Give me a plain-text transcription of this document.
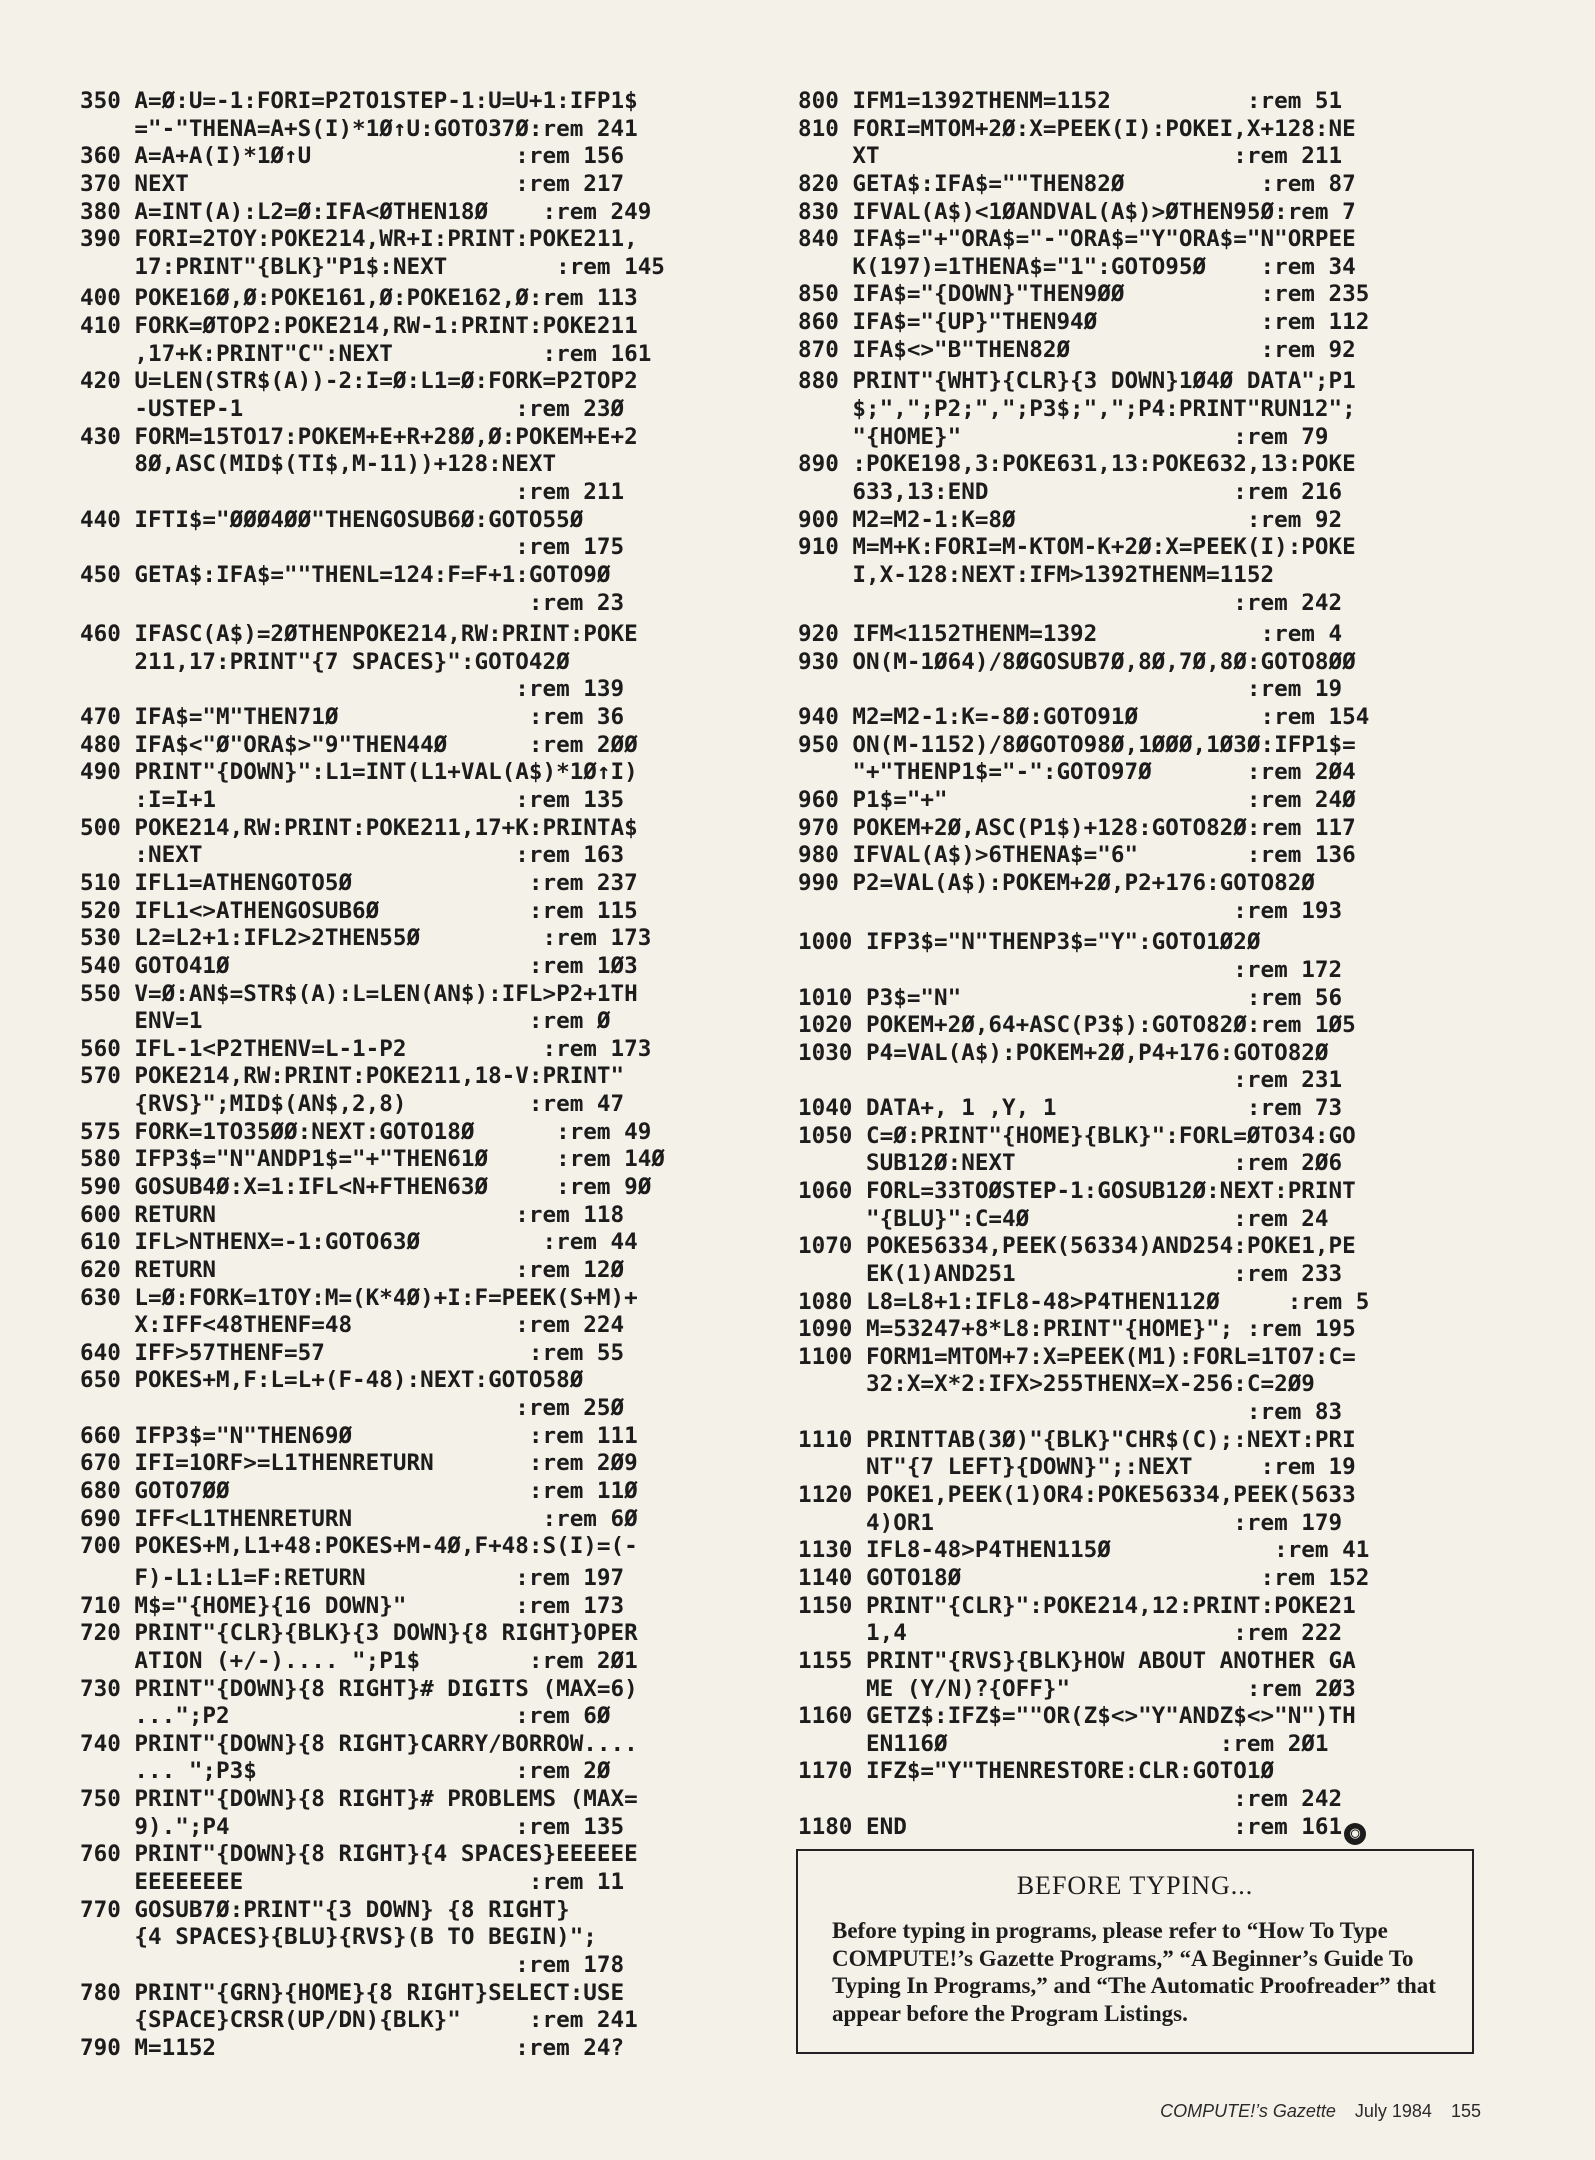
350 A=Ø:U=-1:FORI=P2TO1STEP-1:U=U+1:IFP1$
="-"THENA=A+S(I)*1Ø↑U:GOTO37Ø:rem 241
360 A=A+A(I)*1Ø↑U               :rem 156
370 NEXT                        :rem 217
380 A=INT(A):L2=Ø:IFA<ØTHEN18Ø    :rem 249
390 FORI=2TOY:POKE214,WR+I:PRINT:POKE211,
17:PRINT"{BLK}"P1$:NEXT        :rem 145
400 POKE16Ø,Ø:POKE161,Ø:POKE162,Ø:rem 113
410 FORK=ØTOP2:POKE214,RW-1:PRINT:POKE211
,17+K:PRINT"C":NEXT           :rem 161
420 U=LEN(STR$(A))-2:I=Ø:L1=Ø:FORK=P2TOP2
-USTEP-1                    :rem 23Ø
430 FORM=15TO17:POKEM+E+R+28Ø,Ø:POKEM+E+2
8Ø,ASC(MID$(TI$,M-11))+128:NEXT
:rem 211
440 IFTI$="ØØØ4ØØ"THENGOSUB6Ø:GOTO55Ø
:rem 175
450 GETA$:IFA$=""THENL=124:F=F+1:GOTO9Ø
:rem 23
460 IFASC(A$)=2ØTHENPOKE214,RW:PRINT:POKE
211,17:PRINT"{7 SPACES}":GOTO42Ø
:rem 139
470 IFA$="M"THEN71Ø              :rem 36
480 IFA$<"Ø"ORA$>"9"THEN44Ø      :rem 2ØØ
490 PRINT"{DOWN}":L1=INT(L1+VAL(A$)*1Ø↑I)
:I=I+1                      :rem 135
500 POKE214,RW:PRINT:POKE211,17+K:PRINTA$
:NEXT                       :rem 163
510 IFL1=ATHENGOTO5Ø             :rem 237
520 IFL1<>ATHENGOSUB6Ø           :rem 115
530 L2=L2+1:IFL2>2THEN55Ø         :rem 173
540 GOTO41Ø                      :rem 1Ø3
550 V=Ø:AN$=STR$(A):L=LEN(AN$):IFL>P2+1TH
ENV=1                        :rem Ø
560 IFL-1<P2THENV=L-1-P2          :rem 173
570 POKE214,RW:PRINT:POKE211,18-V:PRINT"
{RVS}";MID$(AN$,2,8)         :rem 47
575 FORK=1TO35ØØ:NEXT:GOTO18Ø      :rem 49
580 IFP3$="N"ANDP1$="+"THEN61Ø     :rem 14Ø
590 GOSUB4Ø:X=1:IFL<N+FTHEN63Ø     :rem 9Ø
600 RETURN                      :rem 118
610 IFL>NTHENX=-1:GOTO63Ø         :rem 44
620 RETURN                      :rem 12Ø
630 L=Ø:FORK=1TOY:M=(K*4Ø)+I:F=PEEK(S+M)+
X:IFF<48THENF=48            :rem 224
640 IFF>57THENF=57               :rem 55
650 POKES+M,F:L=L+(F-48):NEXT:GOTO58Ø
:rem 25Ø
660 IFP3$="N"THEN69Ø             :rem 111
670 IFI=1ORF>=L1THENRETURN       :rem 2Ø9
680 GOTO7ØØ                      :rem 11Ø
690 IFF<L1THENRETURN              :rem 6Ø
700 POKES+M,L1+48:POKES+M-4Ø,F+48:S(I)=(-
F)-L1:L1=F:RETURN           :rem 197
710 M$="{HOME}{16 DOWN}"        :rem 173
720 PRINT"{CLR}{BLK}{3 DOWN}{8 RIGHT}OPER
ATION (+/-).... ";P1$        :rem 2Ø1
730 PRINT"{DOWN}{8 RIGHT}# DIGITS (MAX=6)
...";P2                     :rem 6Ø
740 PRINT"{DOWN}{8 RIGHT}CARRY/BORROW....
... ";P3$                   :rem 2Ø
750 PRINT"{DOWN}{8 RIGHT}# PROBLEMS (MAX=
9).";P4                     :rem 135
760 PRINT"{DOWN}{8 RIGHT}{4 SPACES}EEEEEE
EEEEEEEE                     :rem 11
770 GOSUB7Ø:PRINT"{3 DOWN} {8 RIGHT}
{4 SPACES}{BLU}{RVS}(B TO BEGIN)";
:rem 178
780 PRINT"{GRN}{HOME}{8 RIGHT}SELECT:USE
{SPACE}CRSR(UP/DN){BLK}"     :rem 241
790 M=1152                      :rem 24?
800 IFM1=1392THENM=1152          :rem 51
810 FORI=MTOM+2Ø:X=PEEK(I):POKEI,X+128:NE
XT                          :rem 211
820 GETA$:IFA$=""THEN82Ø          :rem 87
830 IFVAL(A$)<1ØANDVAL(A$)>ØTHEN95Ø:rem 7
840 IFA$="+"ORA$="-"ORA$="Y"ORA$="N"ORPEE
K(197)=1THENA$="1":GOTO95Ø    :rem 34
850 IFA$="{DOWN}"THEN9ØØ          :rem 235
860 IFA$="{UP}"THEN94Ø            :rem 112
870 IFA$<>"B"THEN82Ø              :rem 92
880 PRINT"{WHT}{CLR}{3 DOWN}1Ø4Ø DATA";P1
$;",";P2;",";P3$;",";P4:PRINT"RUN12";
"{HOME}"                    :rem 79
890 :POKE198,3:POKE631,13:POKE632,13:POKE
633,13:END                  :rem 216
900 M2=M2-1:K=8Ø                 :rem 92
910 M=M+K:FORI=M-KTOM-K+2Ø:X=PEEK(I):POKE
I,X-128:NEXT:IFM>1392THENM=1152
:rem 242
920 IFM<1152THENM=1392            :rem 4
930 ON(M-1Ø64)/8ØGOSUB7Ø,8Ø,7Ø,8Ø:GOTO8ØØ
:rem 19
940 M2=M2-1:K=-8Ø:GOTO91Ø         :rem 154
950 ON(M-1152)/8ØGOTO98Ø,1ØØØ,1Ø3Ø:IFP1$=
"+"THENP1$="-":GOTO97Ø       :rem 2Ø4
960 P1$="+"                      :rem 24Ø
970 POKEM+2Ø,ASC(P1$)+128:GOTO82Ø:rem 117
980 IFVAL(A$)>6THENA$="6"        :rem 136
990 P2=VAL(A$):POKEM+2Ø,P2+176:GOTO82Ø
:rem 193
1000 IFP3$="N"THENP3$="Y":GOTO1Ø2Ø
:rem 172
1010 P3$="N"                     :rem 56
1020 POKEM+2Ø,64+ASC(P3$):GOTO82Ø:rem 1Ø5
1030 P4=VAL(A$):POKEM+2Ø,P4+176:GOTO82Ø
:rem 231
1040 DATA+, 1 ,Y, 1              :rem 73
1050 C=Ø:PRINT"{HOME}{BLK}":FORL=ØTO34:GO
SUB12Ø:NEXT                :rem 2Ø6
1060 FORL=33TOØSTEP-1:GOSUB12Ø:NEXT:PRINT
"{BLU}":C=4Ø               :rem 24
1070 POKE56334,PEEK(56334)AND254:POKE1,PE
EK(1)AND251                :rem 233
1080 L8=L8+1:IFL8-48>P4THEN112Ø     :rem 5
1090 M=53247+8*L8:PRINT"{HOME}"; :rem 195
1100 FORM1=MTOM+7:X=PEEK(M1):FORL=1TO7:C=
32:X=X*2:IFX>255THENX=X-256:C=2Ø9
:rem 83
1110 PRINTTAB(3Ø)"{BLK}"CHR$(C);:NEXT:PRI
NT"{7 LEFT}{DOWN}";:NEXT     :rem 19
1120 POKE1,PEEK(1)OR4:POKE56334,PEEK(5633
4)OR1                      :rem 179
1130 IFL8-48>P4THEN115Ø            :rem 41
1140 GOTO18Ø                      :rem 152
1150 PRINT"{CLR}":POKE214,12:PRINT:POKE21
1,4                        :rem 222
1155 PRINT"{RVS}{BLK}HOW ABOUT ANOTHER GA
ME (Y/N)?{OFF}"             :rem 2Ø3
1160 GETZ$:IFZ$=""OR(Z$<>"Y"ANDZ$<>"N")TH
EN116Ø                    :rem 2Ø1
1170 IFZ$="Y"THENRESTORE:CLR:GOTO1Ø
:rem 242
1180 END                        :rem 161 ◉
BEFORE TYPING...
Before typing in programs, please refer to “How To Type COMPUTE!’s Gazette Programs,” “A Beginner’s Guide To Typing In Programs,” and “The Automatic Proofreader” that appear before the Program Listings.
COMPUTE!’s Gazette July 1984 155
